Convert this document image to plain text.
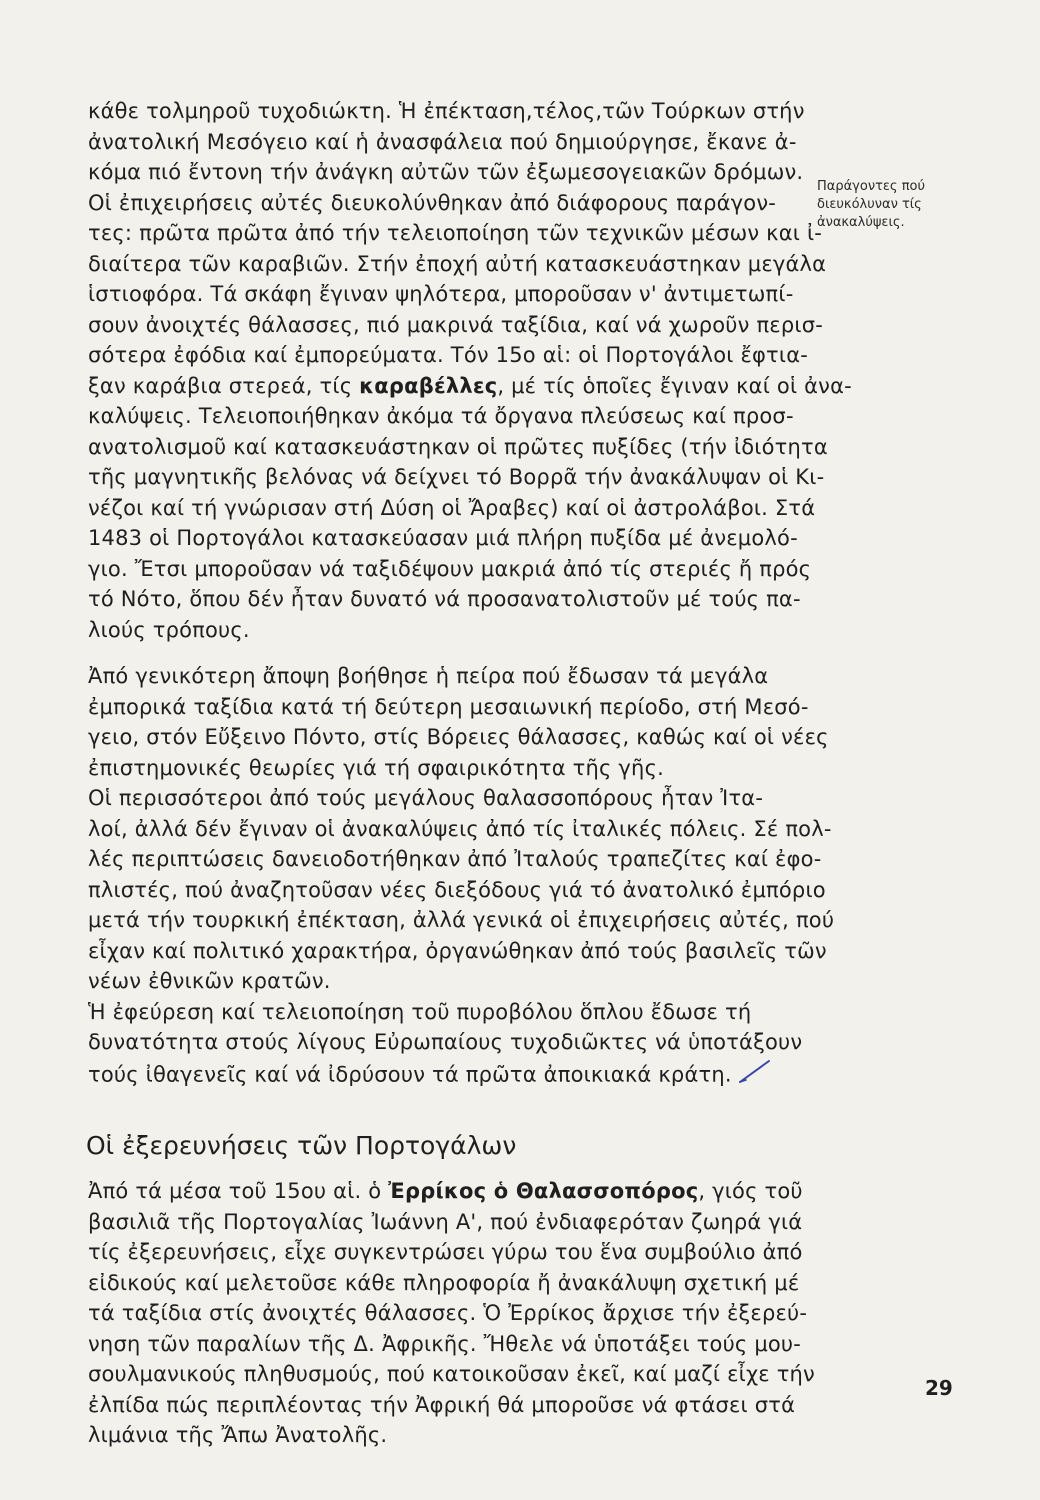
κάθε τολμηροῦ τυχοδιώκτη. Ἡ ἐπέκταση,τέλος,τῶν Τούρκων στήν
ἀνατολική Μεσόγειο καί ἡ ἀνασφάλεια πού δημιούργησε, ἔκανε ἀ-
κόμα πιό ἔντονη τήν ἀνάγκη αὐτῶν τῶν ἐξωμεσογειακῶν δρόμων.
Οἱ ἐπιχειρήσεις αὐτές διευκολύνθηκαν ἀπό διάφορους παράγον-
τες: πρῶτα πρῶτα ἀπό τήν τελειοποίηση τῶν τεχνικῶν μέσων και ἰ-
διαίτερα τῶν καραβιῶν. Στήν ἐποχή αὐτή κατασκευάστηκαν μεγάλα
ἱστιοφόρα. Τά σκάφη ἔγιναν ψηλότερα, μποροῦσαν ν' ἀντιμετωπί-
σουν ἀνοιχτές θάλασσες, πιό μακρινά ταξίδια, καί νά χωροῦν περισ-
σότερα ἐφόδια καί ἐμπορεύματα. Τόν 15ο αἱ: οἱ Πορτογάλοι ἔφτια-
ξαν καράβια στερεά, τίς καραβέλλες, μέ τίς ὁποῖες ἔγιναν καί οἱ ἀνα-
καλύψεις. Τελειοποιήθηκαν ἀκόμα τά ὄργανα πλεύσεως καί προσ-
ανατολισμοῦ καί κατασκευάστηκαν οἱ πρῶτες πυξίδες (τήν ἰδιότητα
τῆς μαγνητικῆς βελόνας νά δείχνει τό Βορρᾶ τήν ἀνακάλυψαν οἱ Κι-
νέζοι καί τή γνώρισαν στή Δύση οἱ Ἄραβες) καί οἱ ἀστρολάβοι. Στά
1483 οἱ Πορτογάλοι κατασκεύασαν μιά πλήρη πυξίδα μέ ἀνεμολό-
γιο. Ἔτσι μποροῦσαν νά ταξιδέψουν μακριά ἀπό τίς στεριές ἤ πρός
τό Νότο, ὅπου δέν ἦταν δυνατό νά προσανατολιστοῦν μέ τούς πα-
λιούς τρόπους.
Ἀπό γενικότερη ἄποψη βοήθησε ἡ πείρα πού ἔδωσαν τά μεγάλα
ἐμπορικά ταξίδια κατά τή δεύτερη μεσαιωνική περίοδο, στή Μεσό-
γειο, στόν Εὔξεινο Πόντο, στίς Βόρειες θάλασσες, καθώς καί οἱ νέες
ἐπιστημονικές θεωρίες γιά τή σφαιρικότητα τῆς γῆς.
Οἱ περισσότεροι ἀπό τούς μεγάλους θαλασσοπόρους ἦταν Ἰτα-
λοί, ἀλλά δέν ἔγιναν οἱ ἀνακαλύψεις ἀπό τίς ἰταλικές πόλεις. Σέ πολ-
λές περιπτώσεις δανειοδοτήθηκαν ἀπό Ἰταλούς τραπεζίτες καί ἐφο-
πλιστές, πού ἀναζητοῦσαν νέες διεξόδους γιά τό ἀνατολικό ἐμπόριο
μετά τήν τουρκική ἐπέκταση, ἀλλά γενικά οἱ ἐπιχειρήσεις αὐτές, πού
εἶχαν καί πολιτικό χαρακτήρα, ὀργανώθηκαν ἀπό τούς βασιλεῖς τῶν
νέων ἐθνικῶν κρατῶν.
Ἡ ἐφεύρεση καί τελειοποίηση τοῦ πυροβόλου ὅπλου ἔδωσε τή
δυνατότητα στούς λίγους Εὐρωπαίους τυχοδιῶκτες νά ὑποτάξουν
τούς ἰθαγενεῖς καί νά ἰδρύσουν τά πρῶτα ἀποικιακά κράτη.
Οἱ ἐξερευνήσεις τῶν Πορτογάλων
Ἀπό τά μέσα τοῦ 15ου αἱ. ὁ Ἐρρίκος ὁ Θαλασσοπόρος, γιός τοῦ
βασιλιᾶ τῆς Πορτογαλίας Ἰωάννη Α', πού ἐνδιαφερόταν ζωηρά γιά
τίς ἐξερευνήσεις, εἶχε συγκεντρώσει γύρω του ἕνα συμβούλιο ἀπό
εἰδικούς καί μελετοῦσε κάθε πληροφορία ἤ ἀνακάλυψη σχετική μέ
τά ταξίδια στίς ἀνοιχτές θάλασσες. Ὁ Ἐρρίκος ἄρχισε τήν ἐξερεύ-
νηση τῶν παραλίων τῆς Δ. Ἀφρικῆς. Ἤθελε νά ὑποτάξει τούς μου-
σουλμανικούς πληθυσμούς, πού κατοικοῦσαν ἐκεῖ, καί μαζί εἶχε τήν
ἐλπίδα πώς περιπλέοντας τήν Ἀφρική θά μποροῦσε νά φτάσει στά
λιμάνια τῆς Ἄπω Ἀνατολῆς.
Παράγοντες πού
διευκόλυναν τίς
ἀνακαλύψεις.
29
